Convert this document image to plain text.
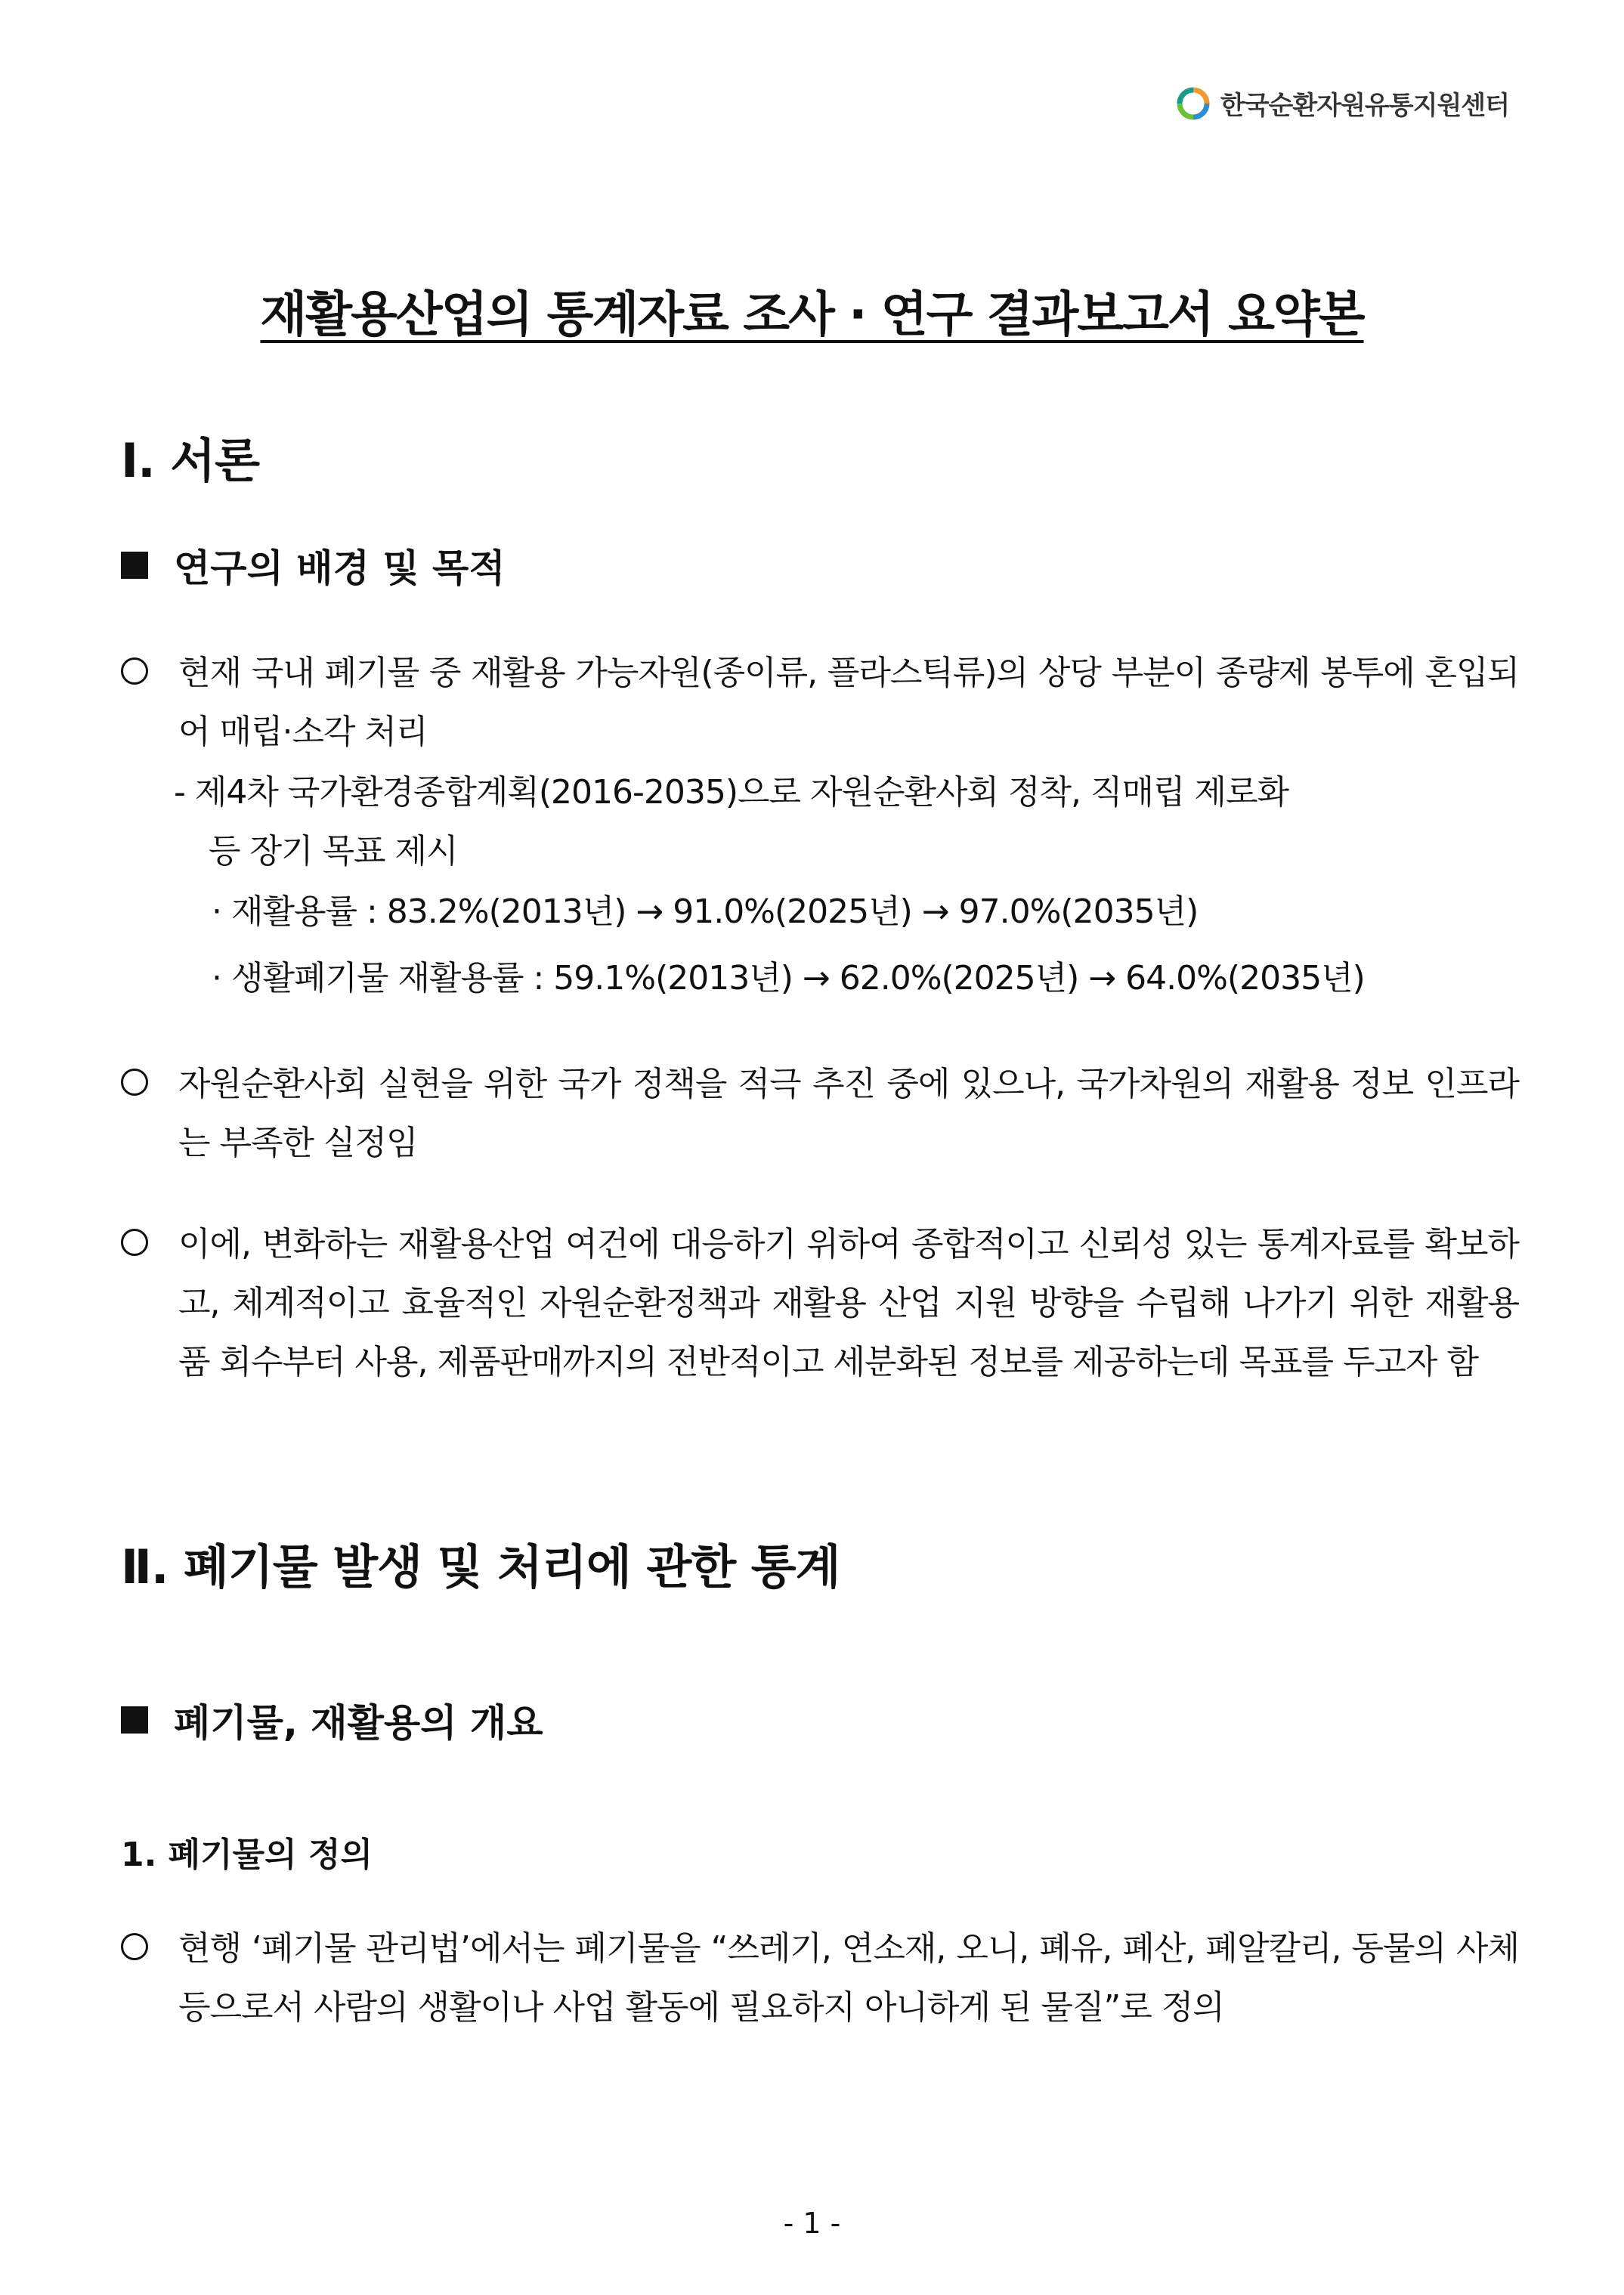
한국순환자원유통지원센터
재활용산업의 통계자료 조사 · 연구 결과보고서 요약본
Ⅰ. 서론
연구의 배경 및 목적
현재 국내 폐기물 중 재활용 가능자원(종이류, 플라스틱류)의 상당 부분이 종량제 봉투에 혼입되어 매립·소각 처리
- 제4차 국가환경종합계획(2016-2035)으로 자원순환사회 정착, 직매립 제로화
등 장기 목표 제시
· 재활용률 : 83.2%(2013년) → 91.0%(2025년) → 97.0%(2035년)
· 생활폐기물 재활용률 : 59.1%(2013년) → 62.0%(2025년) → 64.0%(2035년)
자원순환사회 실현을 위한 국가 정책을 적극 추진 중에 있으나, 국가차원의 재활용 정보 인프라는 부족한 실정임
이에, 변화하는 재활용산업 여건에 대응하기 위하여 종합적이고 신뢰성 있는 통계자료를 확보하고, 체계적이고 효율적인 자원순환정책과 재활용 산업 지원 방향을 수립해 나가기 위한 재활용품 회수부터 사용, 제품판매까지의 전반적이고 세분화된 정보를 제공하는데 목표를 두고자 함
Ⅱ. 폐기물 발생 및 처리에 관한 통계
폐기물, 재활용의 개요
1. 폐기물의 정의
현행 ‘폐기물 관리법’에서는 폐기물을 “쓰레기, 연소재, 오니, 폐유, 폐산, 폐알칼리, 동물의 사체 등으로서 사람의 생활이나 사업 활동에 필요하지 아니하게 된 물질”로 정의
- 1 -
